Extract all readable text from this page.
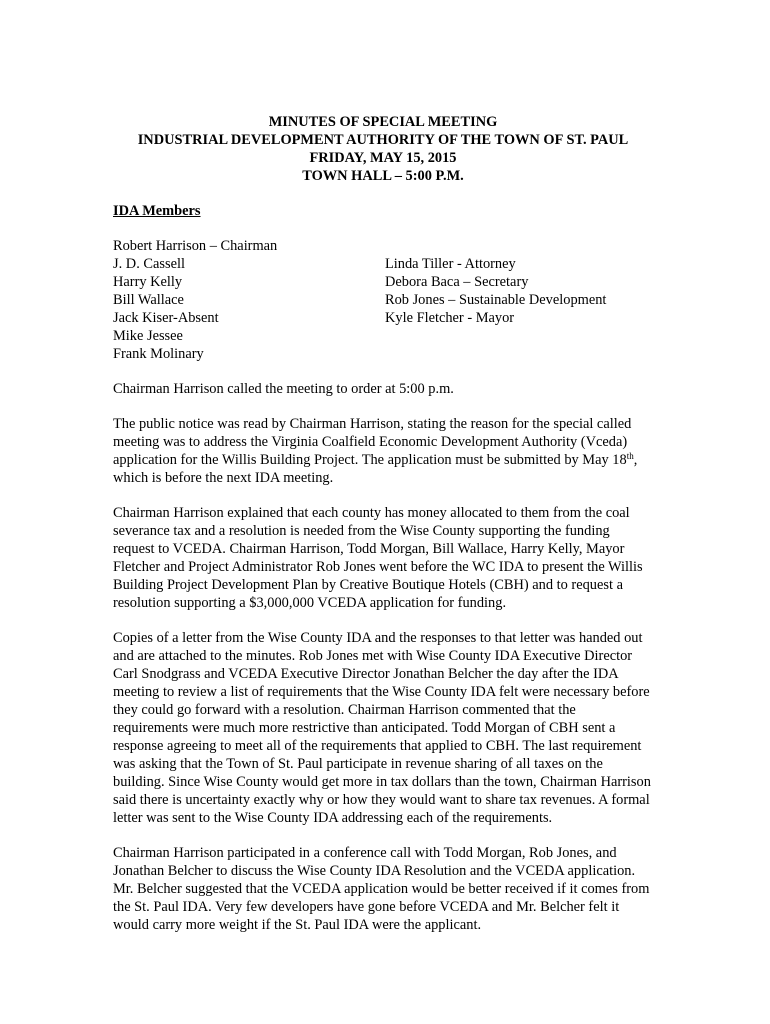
MINUTES OF SPECIAL MEETING
INDUSTRIAL DEVELOPMENT AUTHORITY OF THE TOWN OF ST. PAUL
FRIDAY, MAY 15, 2015
TOWN HALL – 5:00 P.M.
IDA Members
Robert Harrison – Chairman
J. D. Cassell
Harry Kelly
Bill Wallace
Jack Kiser-Absent
Mike Jessee
Frank Molinary
Linda Tiller - Attorney
Debora Baca – Secretary
Rob Jones – Sustainable Development
Kyle Fletcher - Mayor

Chairman Harrison called the meeting to order at 5:00 p.m.

The public notice was read by Chairman Harrison, stating the reason for the special called meeting was to address the Virginia Coalfield Economic Development Authority (Vceda) application for the Willis Building Project. The application must be submitted by May 18th, which is before the next IDA meeting.

Chairman Harrison explained that each county has money allocated to them from the coal severance tax and a resolution is needed from the Wise County supporting the funding request to VCEDA. Chairman Harrison, Todd Morgan, Bill Wallace, Harry Kelly, Mayor Fletcher and Project Administrator Rob Jones went before the WC IDA to present the Willis Building Project Development Plan by Creative Boutique Hotels (CBH) and to request a resolution supporting a $3,000,000 VCEDA application for funding.

Copies of a letter from the Wise County IDA and the responses to that letter was handed out and are attached to the minutes. Rob Jones met with Wise County IDA Executive Director Carl Snodgrass and VCEDA Executive Director Jonathan Belcher the day after the IDA meeting to review a list of requirements that the Wise County IDA felt were necessary before they could go forward with a resolution. Chairman Harrison commented that the requirements were much more restrictive than anticipated. Todd Morgan of CBH sent a response agreeing to meet all of the requirements that applied to CBH. The last requirement was asking that the Town of St. Paul participate in revenue sharing of all taxes on the building. Since Wise County would get more in tax dollars than the town, Chairman Harrison said there is uncertainty exactly why or how they would want to share tax revenues. A formal letter was sent to the Wise County IDA addressing each of the requirements.

Chairman Harrison participated in a conference call with Todd Morgan, Rob Jones, and Jonathan Belcher to discuss the Wise County IDA Resolution and the VCEDA application. Mr. Belcher suggested that the VCEDA application would be better received if it comes from the St. Paul IDA. Very few developers have gone before VCEDA and Mr. Belcher felt it would carry more weight if the St. Paul IDA were the applicant.
